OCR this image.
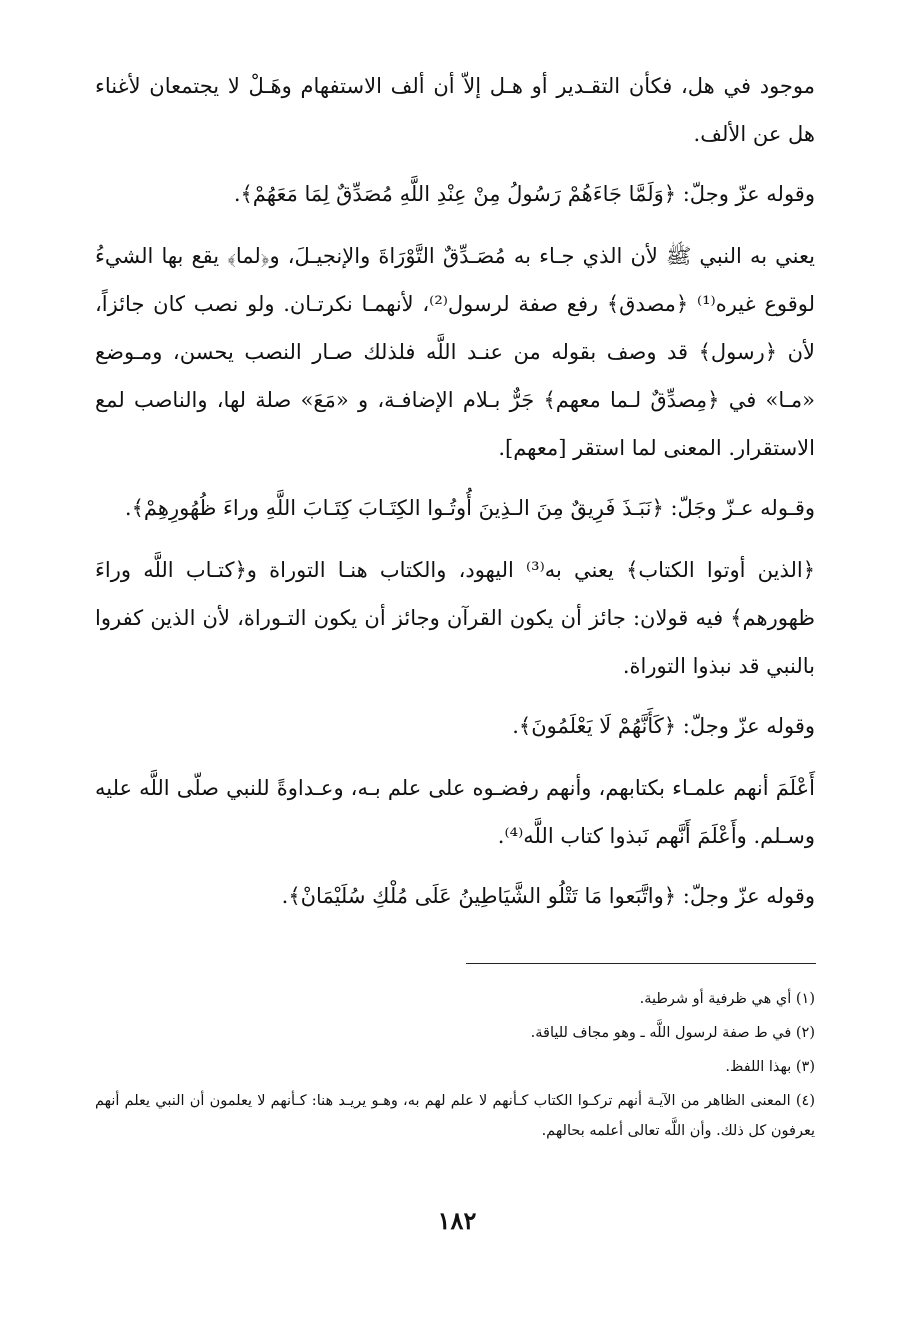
موجود في هل، فكأن التقـدير أو هـل إلاّ أن ألف الاستفهام وهَـلْ لا يجتمعان لأغناء هل عن الألف.

وقوله عزّ وجلّ: ﴿وَلَمَّا جَاءَهُمْ رَسُولُ مِنْ عِنْدِ اللَّهِ مُصَدِّقٌ لِمَا مَعَهُمْ﴾.

يعني به النبي ﷺ لأن الذي جـاء به مُصَـدِّقٌ التَّوْرَاةَ والإنجيـلَ، و﴿لما﴾ يقع بها الشيءُ لوقوع غيره⁽¹⁾ ﴿مصدق﴾ رفع صفة لرسول⁽²⁾، لأنهمـا نكرتـان. ولو نصب كان جائزاً، لأن ﴿رسول﴾ قد وصف بقوله من عنـد اللَّه فلذلك صـار النصب يحسن، ومـوضع «مـا» في ﴿مِصدِّقٌ لـما معهم﴾ جَرٌّ بـلام الإضافـة، و «مَعَ» صلة لها، والناصب لمع الاستقرار. المعنى لما استقر [معهم].

وقـوله عـزّ وجَلّ: ﴿نَبَـذَ فَرِيقٌ مِنَ الـذِينَ أُوتُـوا الكِتَـابَ كِتَـابَ اللَّهِ وراءَ ظُهُورِهِمْ﴾.

﴿الذين أوتوا الكتاب﴾ يعني به⁽³⁾ اليهود، والكتاب هنـا التوراة و﴿كتـاب اللَّه وراءَ ظهورهم﴾ فيه قولان: جائز أن يكون القرآن وجائز أن يكون التـوراة، لأن الذين كفروا بالنبي قد نبذوا التوراة.

وقوله عزّ وجلّ: ﴿كَأَنَّهُمْ لَا يَعْلَمُونَ﴾.

أَعْلَمَ أنهم علمـاء بكتابهم، وأنهم رفضـوه على علم بـه، وعـداوةً للنبي صلّى اللَّه عليه وسـلم. وأَعْلَمَ أَنَّهم نَبذوا كتاب اللَّه⁽⁴⁾.

وقوله عزّ وجلّ: ﴿واتَّبَعوا مَا تَتْلُو الشَّيَاطِينُ عَلَى مُلْكِ سُلَيْمَانْ﴾.

(١) أي هي ظرفية أو شرطية.

(٢) في ط صفة لرسول اللَّه ـ وهو مجاف للياقة.

(٣) بهذا اللفظ.

(٤) المعنى الظاهر من الآيـة أنهم تركـوا الكتاب كـأنهم لا علم لهم به، وهـو يريـد هنا: كـأنهم لا يعلمون أن النبي يعلم أنهم يعرفون كل ذلك. وأن اللَّه تعالى أعلمه بحالهم.

١٨٢
